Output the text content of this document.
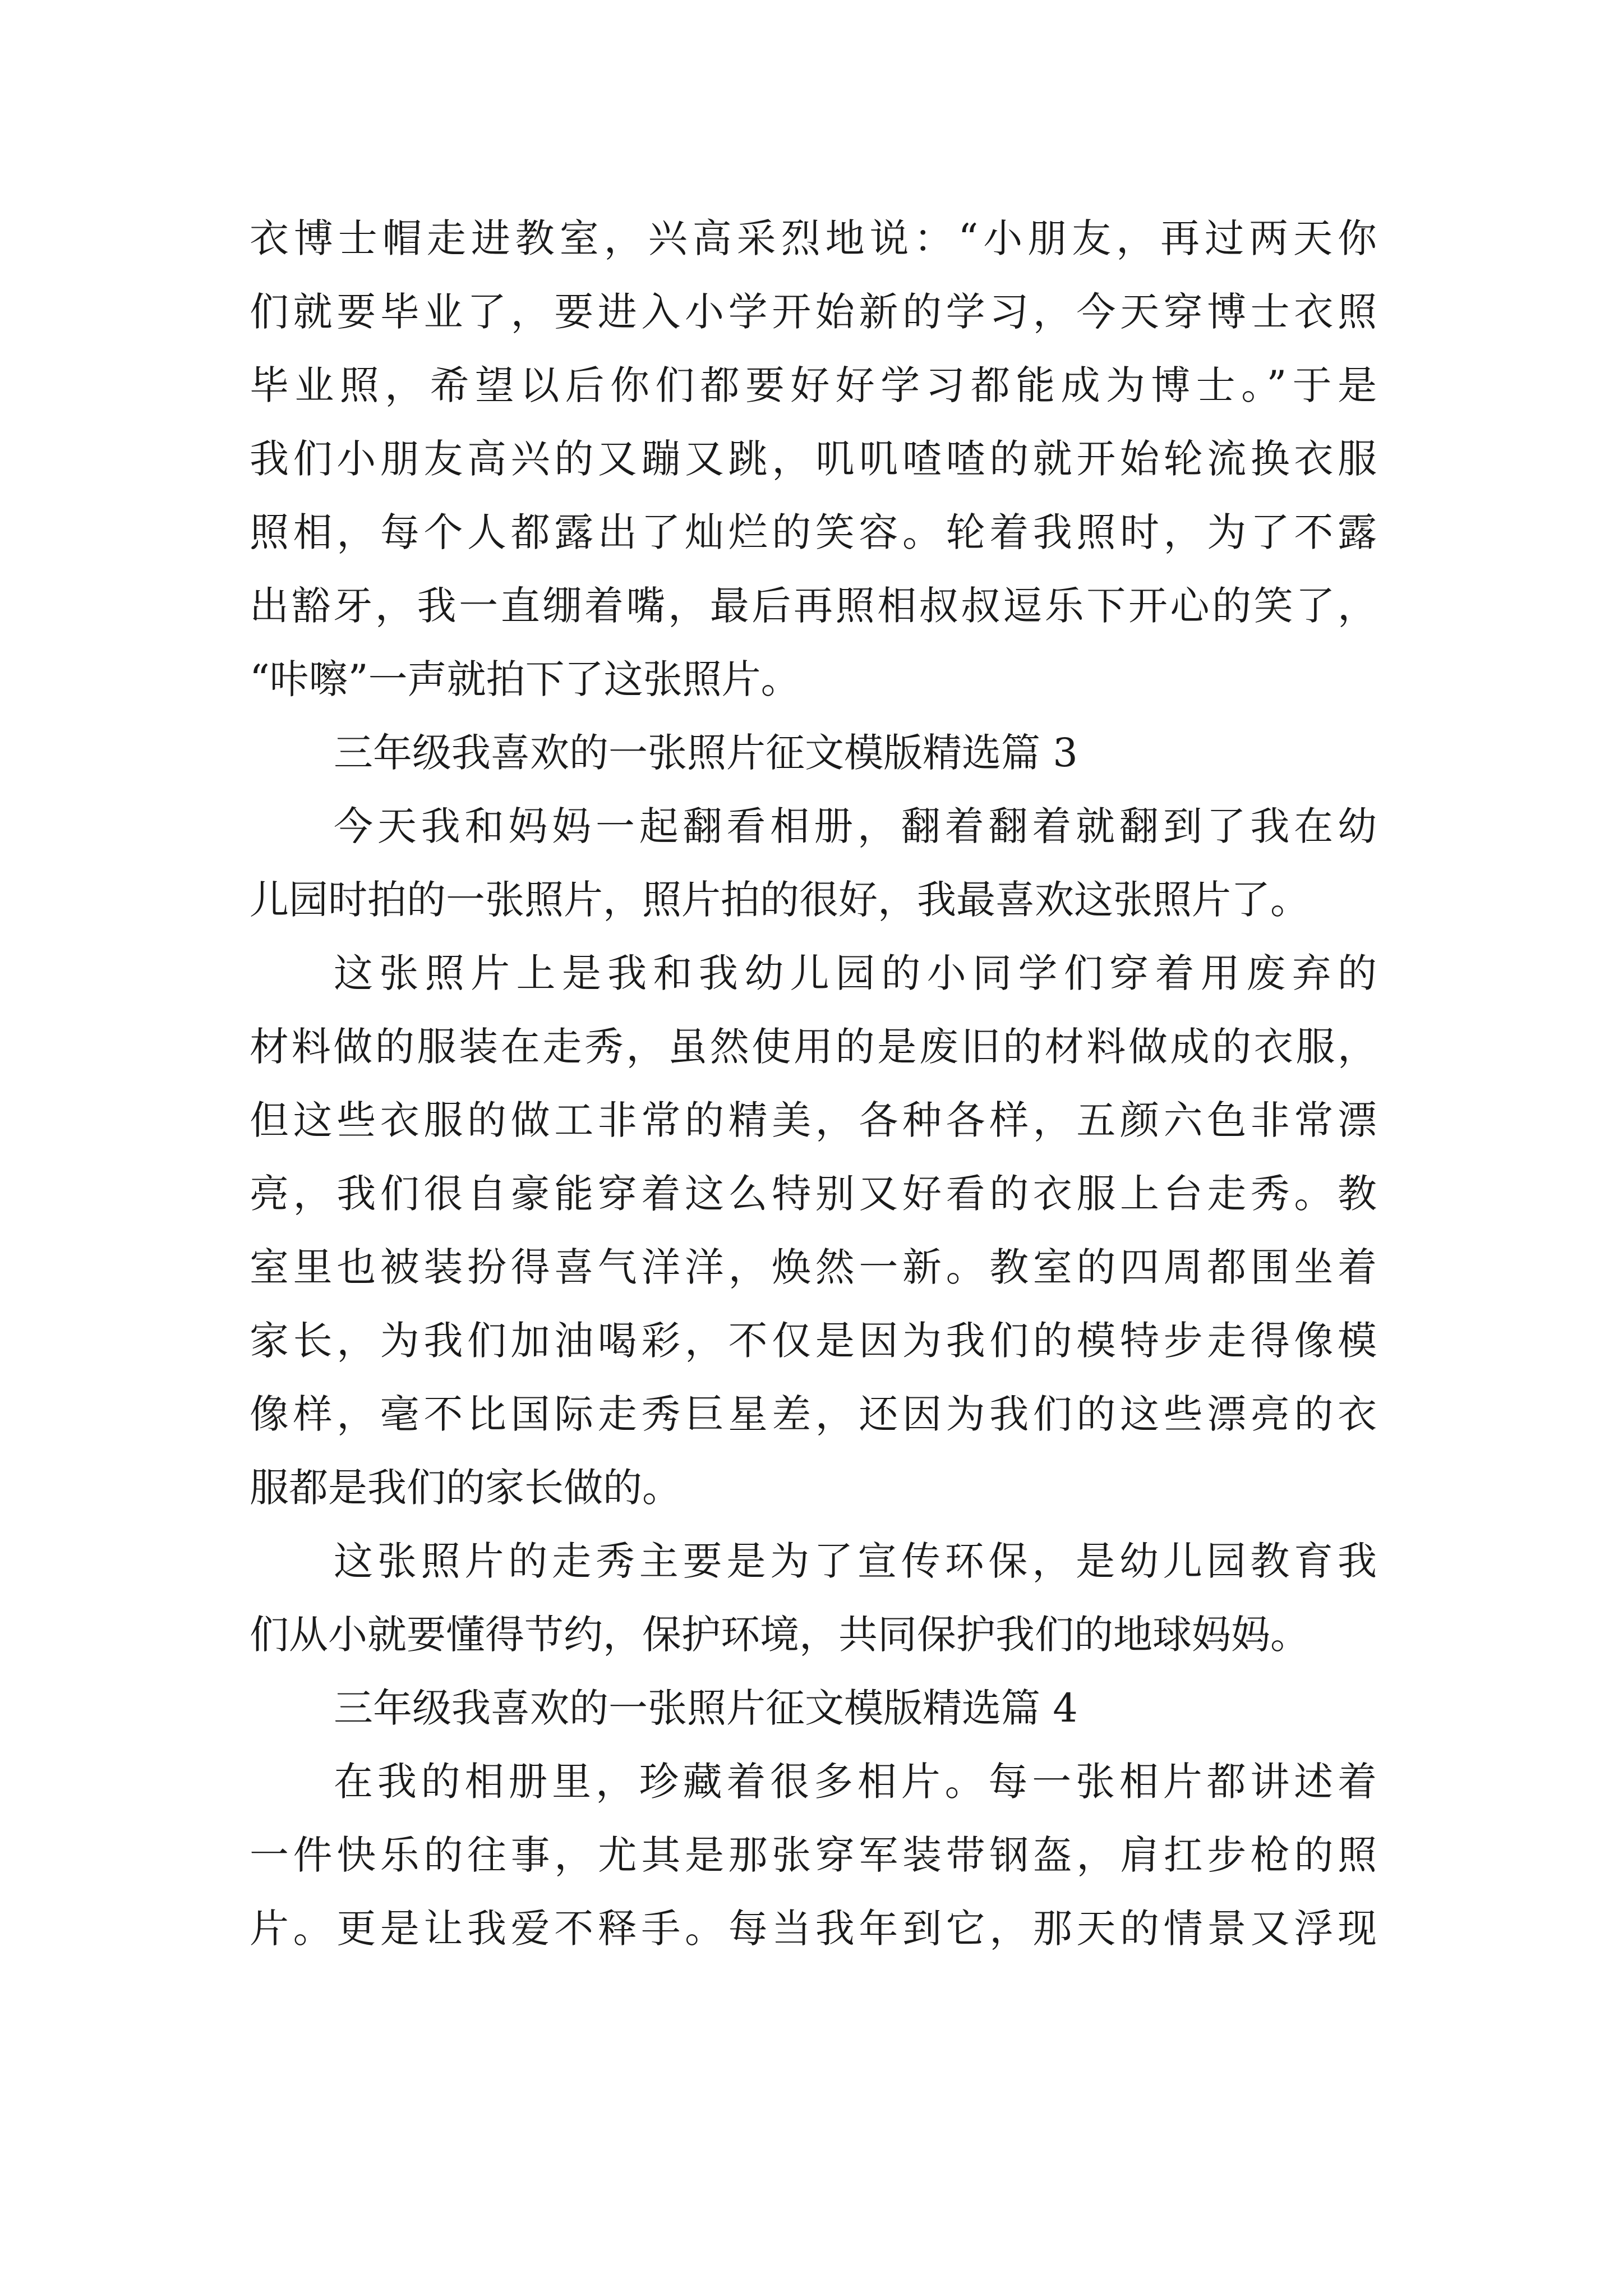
衣博士帽走进教室，兴高采烈地说：“小朋友，再过两天你
们就要毕业了，要进入小学开始新的学习，今天穿博士衣照
毕业照，希望以后你们都要好好学习都能成为博士。”于是
我们小朋友高兴的又蹦又跳，叽叽喳喳的就开始轮流换衣服
照相，每个人都露出了灿烂的笑容。轮着我照时，为了不露
出豁牙，我一直绷着嘴，最后再照相叔叔逗乐下开心的笑了，
“咔嚓”一声就拍下了这张照片。
三年级我喜欢的一张照片征文模版精选篇 3
今天我和妈妈一起翻看相册，翻着翻着就翻到了我在幼
儿园时拍的一张照片，照片拍的很好，我最喜欢这张照片了。
这张照片上是我和我幼儿园的小同学们穿着用废弃的
材料做的服装在走秀，虽然使用的是废旧的材料做成的衣服，
但这些衣服的做工非常的精美，各种各样，五颜六色非常漂
亮，我们很自豪能穿着这么特别又好看的衣服上台走秀。教
室里也被装扮得喜气洋洋，焕然一新。教室的四周都围坐着
家长，为我们加油喝彩，不仅是因为我们的模特步走得像模
像样，毫不比国际走秀巨星差，还因为我们的这些漂亮的衣
服都是我们的家长做的。
这张照片的走秀主要是为了宣传环保，是幼儿园教育我
们从小就要懂得节约，保护环境，共同保护我们的地球妈妈。
三年级我喜欢的一张照片征文模版精选篇 4
在我的相册里，珍藏着很多相片。每一张相片都讲述着
一件快乐的往事，尤其是那张穿军装带钢盔，肩扛步枪的照
片。更是让我爱不释手。每当我年到它，那天的情景又浮现
